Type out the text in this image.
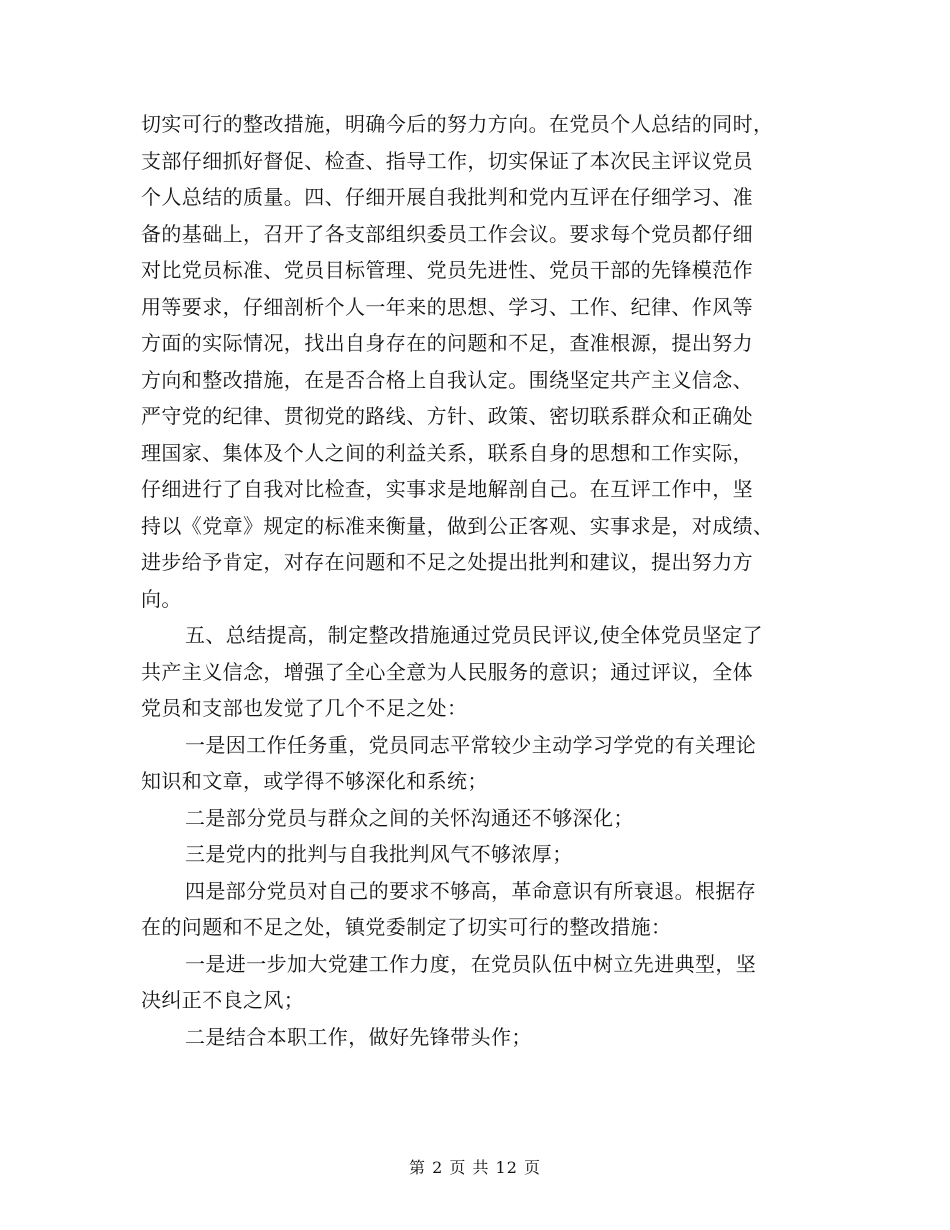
切实可行的整改措施，明确今后的努力方向。在党员个人总结的同时，
支部仔细抓好督促、检查、指导工作，切实保证了本次民主评议党员
个人总结的质量。四、仔细开展自我批判和党内互评在仔细学习、准
备的基础上，召开了各支部组织委员工作会议。要求每个党员都仔细
对比党员标准、党员目标管理、党员先进性、党员干部的先锋模范作
用等要求，仔细剖析个人一年来的思想、学习、工作、纪律、作风等
方面的实际情况，找出自身存在的问题和不足，查准根源，提出努力
方向和整改措施，在是否合格上自我认定。围绕坚定共产主义信念、
严守党的纪律、贯彻党的路线、方针、政策、密切联系群众和正确处
理国家、集体及个人之间的利益关系，联系自身的思想和工作实际，
仔细进行了自我对比检查，实事求是地解剖自己。在互评工作中，坚
持以《党章》规定的标准来衡量，做到公正客观、实事求是，对成绩、
进步给予肯定，对存在问题和不足之处提出批判和建议，提出努力方
向。
五、总结提高，制定整改措施通过党员民评议,使全体党员坚定了
共产主义信念，增强了全心全意为人民服务的意识；通过评议，全体
党员和支部也发觉了几个不足之处：
一是因工作任务重，党员同志平常较少主动学习学党的有关理论
知识和文章，或学得不够深化和系统；
二是部分党员与群众之间的关怀沟通还不够深化；
三是党内的批判与自我批判风气不够浓厚；
四是部分党员对自己的要求不够高，革命意识有所衰退。根据存
在的问题和不足之处，镇党委制定了切实可行的整改措施：
一是进一步加大党建工作力度，在党员队伍中树立先进典型，坚
决纠正不良之风；
二是结合本职工作，做好先锋带头作；
第 2 页 共 12 页
